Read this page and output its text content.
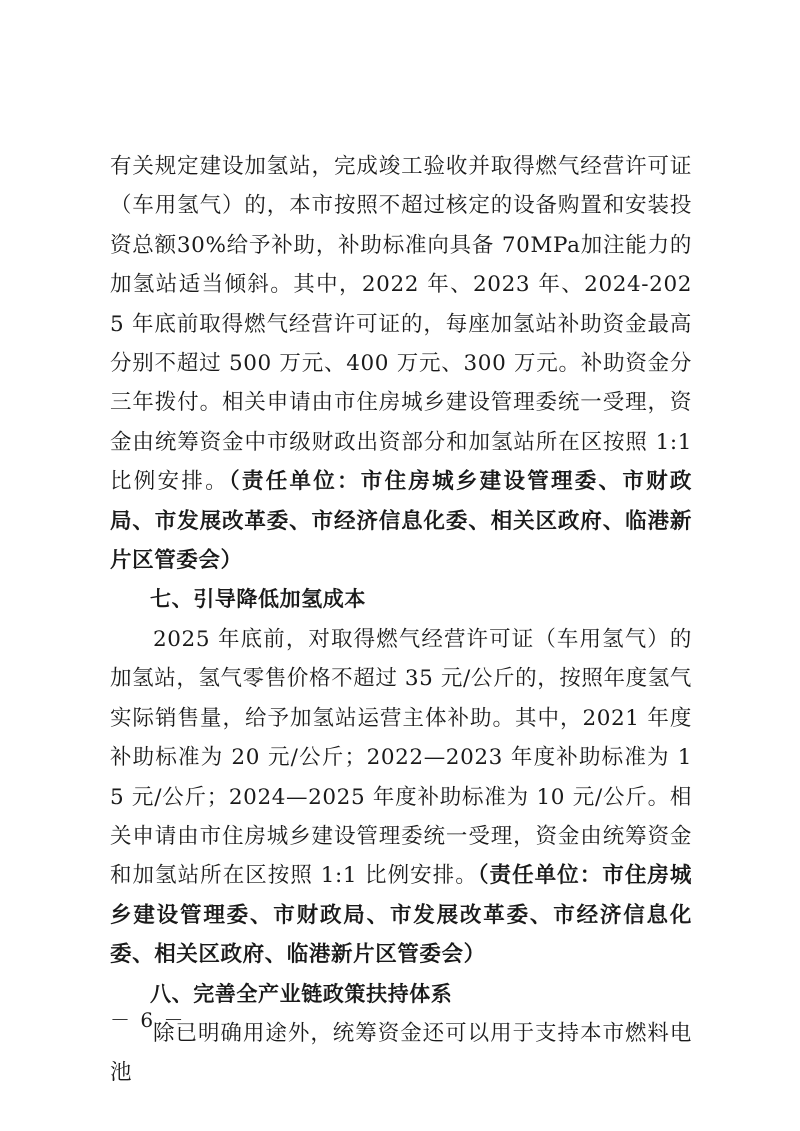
有关规定建设加氢站，完成竣工验收并取得燃气经营许可证（车用氢气）的，本市按照不超过核定的设备购置和安装投资总额30%给予补助，补助标准向具备 70MPa加注能力的加氢站适当倾斜。其中，2022 年、2023 年、2024-2025 年底前取得燃气经营许可证的，每座加氢站补助资金最高分别不超过 500 万元、400 万元、300 万元。补助资金分三年拨付。相关申请由市住房城乡建设管理委统一受理，资金由统筹资金中市级财政出资部分和加氢站所在区按照 1:1 比例安排。（责任单位：市住房城乡建设管理委、市财政局、市发展改革委、市经济信息化委、相关区政府、临港新片区管委会）

七、引导降低加氢成本

2025 年底前，对取得燃气经营许可证（车用氢气）的加氢站，氢气零售价格不超过 35 元/公斤的，按照年度氢气实际销售量，给予加氢站运营主体补助。其中，2021 年度补助标准为 20 元/公斤；2022—2023 年度补助标准为 15 元/公斤；2024—2025 年度补助标准为 10 元/公斤。相关申请由市住房城乡建设管理委统一受理，资金由统筹资金和加氢站所在区按照 1:1 比例安排。（责任单位：市住房城乡建设管理委、市财政局、市发展改革委、市经济信息化委、相关区政府、临港新片区管委会）

八、完善全产业链政策扶持体系

除已明确用途外，统筹资金还可以用于支持本市燃料电池

－ 6 －
